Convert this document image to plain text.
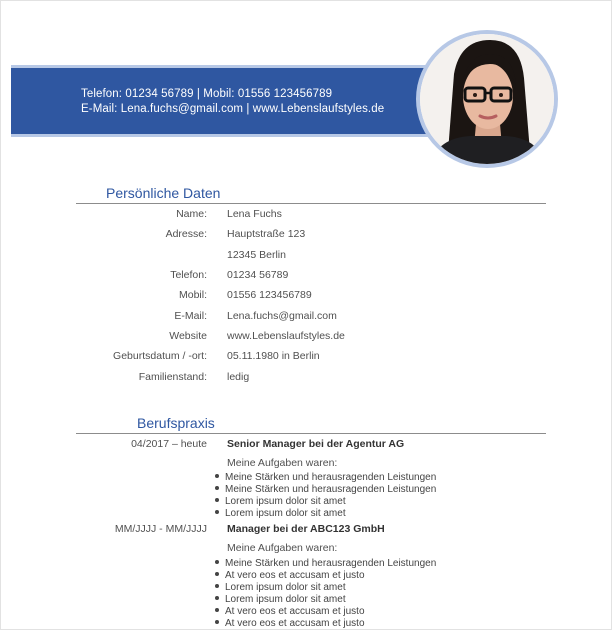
Telefon: 01234 56789 | Mobil: 01556 123456789
E-Mail: Lena.fuchs@gmail.com | www.Lebenslaufstyles.de
Persönliche Daten
Name: Lena Fuchs
Adresse: Hauptstraße 123
12345 Berlin
Telefon: 01234 56789
Mobil: 01556 123456789
E-Mail: Lena.fuchs@gmail.com
Website www.Lebenslaufstyles.de
Geburtsdatum / -ort: 05.11.1980 in Berlin
Familienstand: ledig
Berufspraxis
04/2017 – heute Senior Manager bei der Agentur AG
Meine Aufgaben waren:
Meine Stärken und herausragenden Leistungen
Meine Stärken und herausragenden Leistungen
Lorem ipsum dolor sit amet
Lorem ipsum dolor sit amet
MM/JJJJ - MM/JJJJ Manager bei der ABC123 GmbH
Meine Aufgaben waren:
Meine Stärken und herausragenden Leistungen
At vero eos et accusam et justo
Lorem ipsum dolor sit amet
Lorem ipsum dolor sit amet
At vero eos et accusam et justo
At vero eos et accusam et justo
